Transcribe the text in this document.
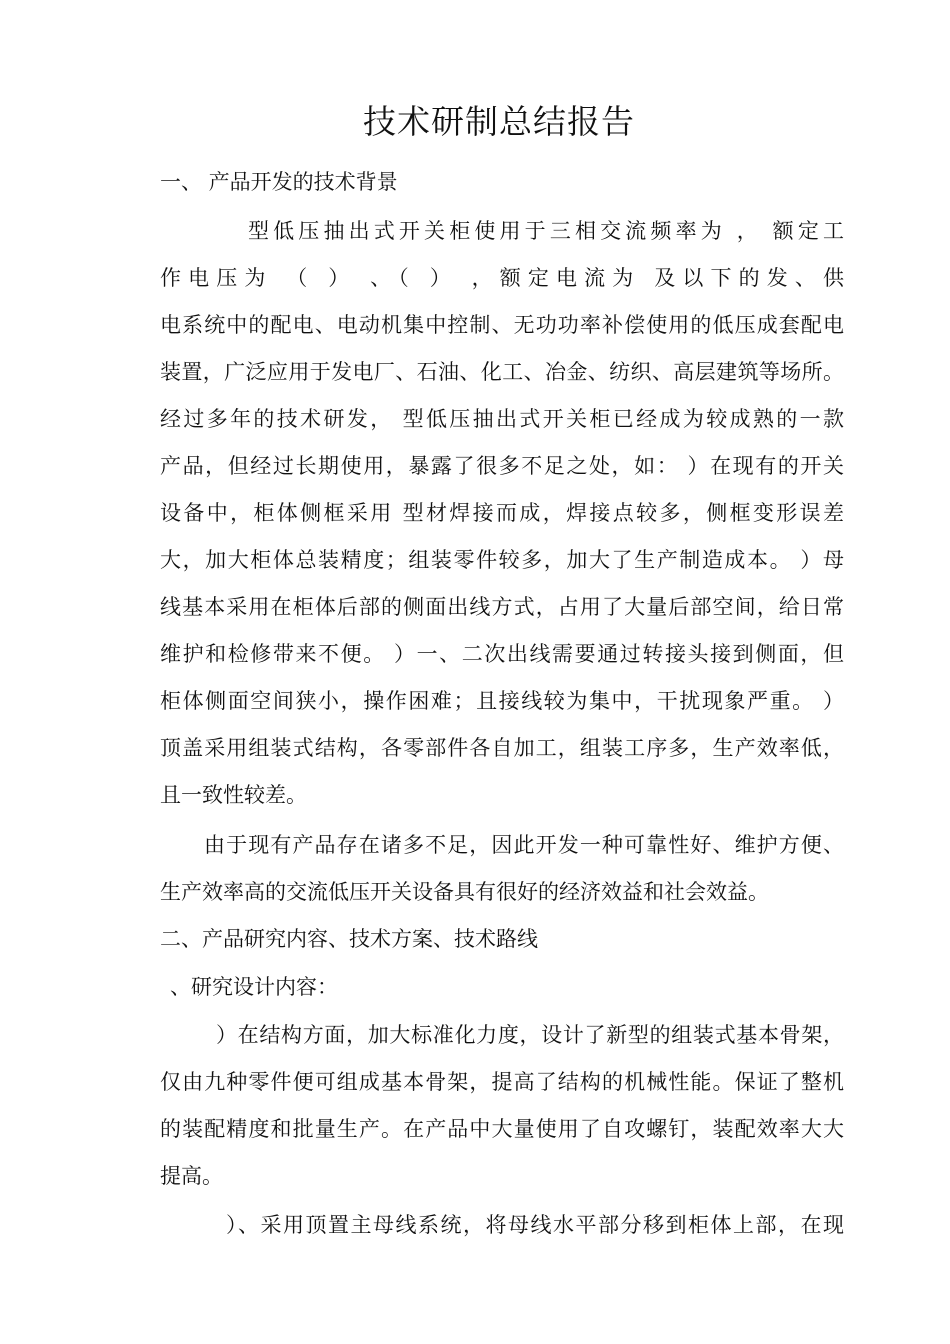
技术研制总结报告
一、 产品开发的技术背景
型低压抽出式开关柜使用于三相交流频率为 ， 额定工
作电压为 （ ） 、（ ） ，额定电流为 及以下的发、供
电系统中的配电、电动机集中控制、无功功率补偿使用的低压成套配电
装置，广泛应用于发电厂、石油、化工、冶金、纺织、高层建筑等场所。
经过多年的技术研发， 型低压抽出式开关柜已经成为较成熟的一款
产品，但经过长期使用，暴露了很多不足之处，如： ）在现有的开关
设备中，柜体侧框采用 型材焊接而成，焊接点较多，侧框变形误差
大，加大柜体总装精度；组装零件较多，加大了生产制造成本。 ）母
线基本采用在柜体后部的侧面出线方式，占用了大量后部空间，给日常
维护和检修带来不便。 ）一、二次出线需要通过转接头接到侧面，但
柜体侧面空间狭小，操作困难；且接线较为集中，干扰现象严重。 ）
顶盖采用组装式结构，各零部件各自加工，组装工序多，生产效率低，
且一致性较差。
由于现有产品存在诸多不足，因此开发一种可靠性好、维护方便、
生产效率高的交流低压开关设备具有很好的经济效益和社会效益。
二、产品研究内容、技术方案、技术路线
、研究设计内容：
）在结构方面，加大标准化力度，设计了新型的组装式基本骨架，
仅由九种零件便可组成基本骨架，提高了结构的机械性能。保证了整机
的装配精度和批量生产。在产品中大量使用了自攻螺钉，装配效率大大
提高。
）、采用顶置主母线系统，将母线水平部分移到柜体上部，在现
